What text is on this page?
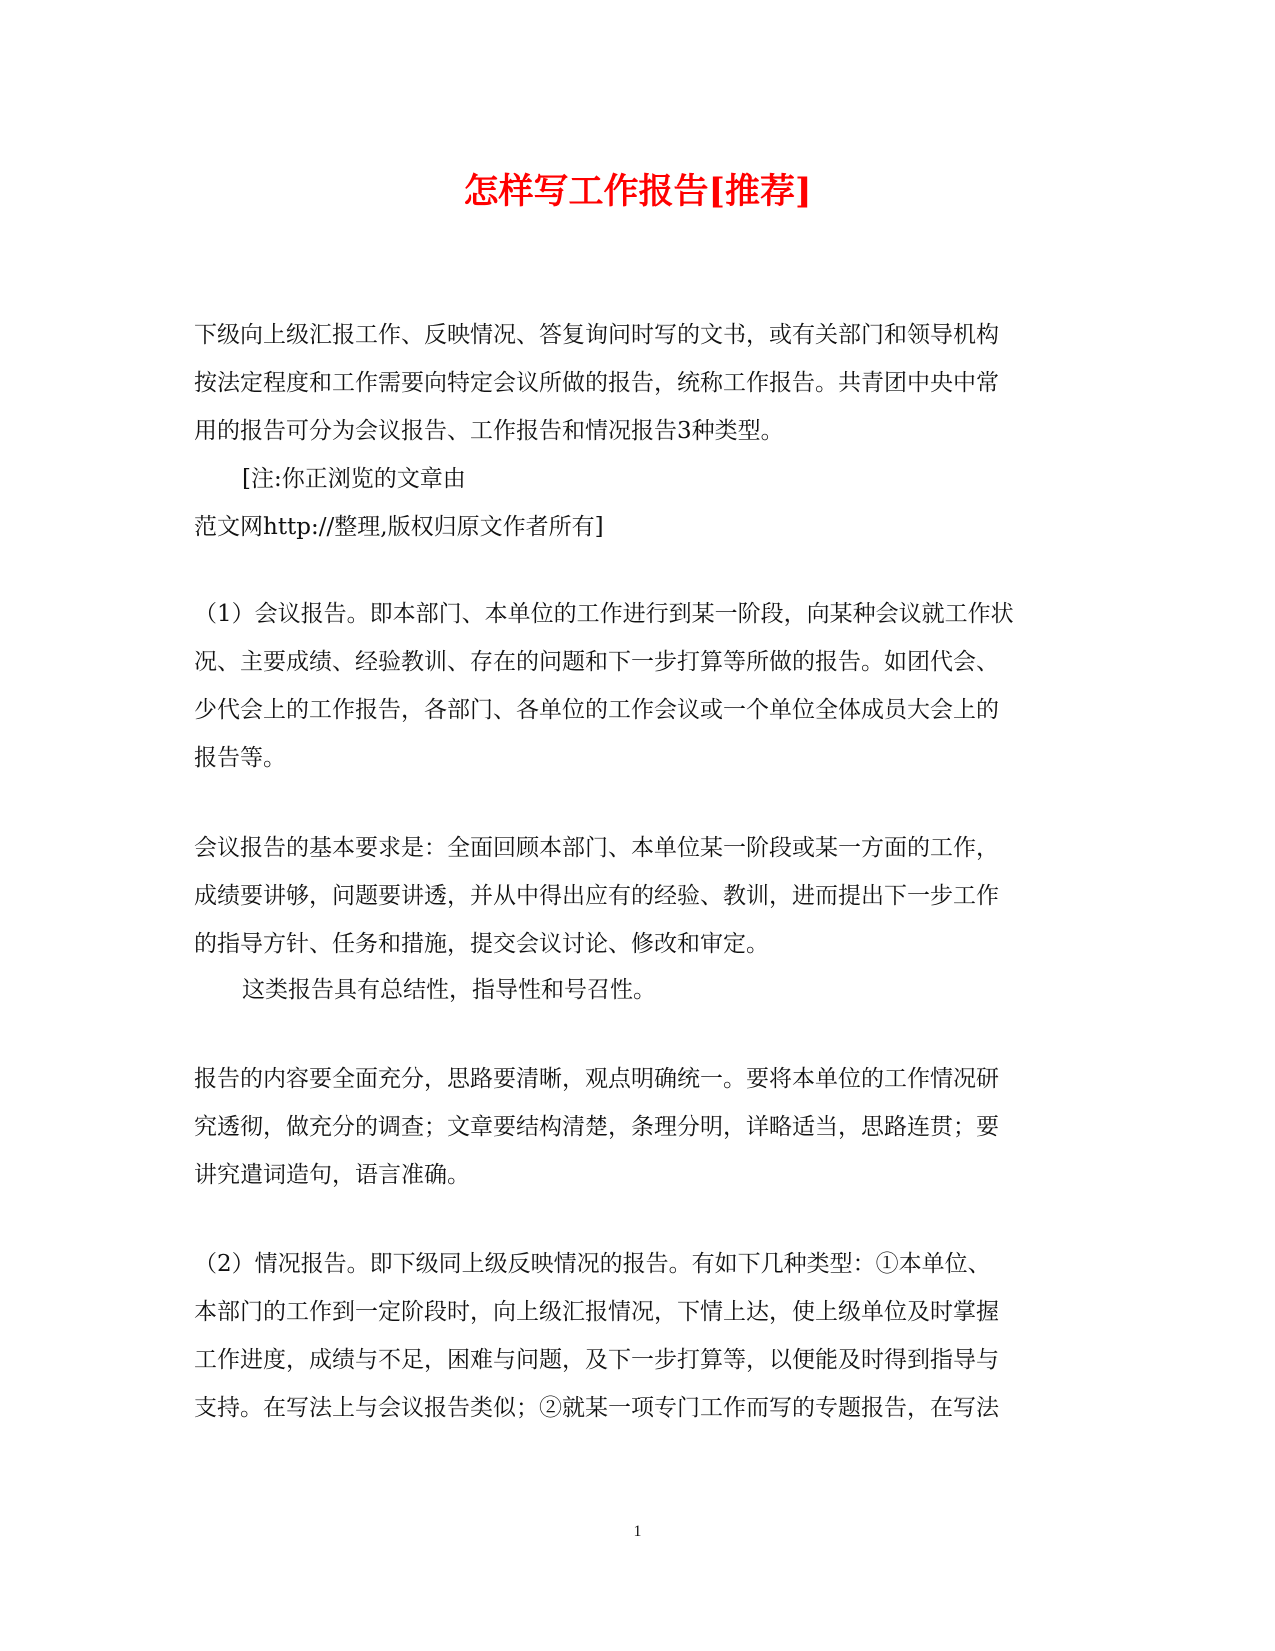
怎样写工作报告[推荐]
下级向上级汇报工作、反映情况、答复询问时写的文书，或有关部门和领导机构
按法定程度和工作需要向特定会议所做的报告，统称工作报告。共青团中央中常
用的报告可分为会议报告、工作报告和情况报告3种类型。
[注:你正浏览的文章由
范文网http://整理,版权归原文作者所有]
（1）会议报告。即本部门、本单位的工作进行到某一阶段，向某种会议就工作状
况、主要成绩、经验教训、存在的问题和下一步打算等所做的报告。如团代会、
少代会上的工作报告，各部门、各单位的工作会议或一个单位全体成员大会上的
报告等。
会议报告的基本要求是：全面回顾本部门、本单位某一阶段或某一方面的工作，
成绩要讲够，问题要讲透，并从中得出应有的经验、教训，进而提出下一步工作
的指导方针、任务和措施，提交会议讨论、修改和审定。
这类报告具有总结性，指导性和号召性。
报告的内容要全面充分，思路要清晰，观点明确统一。要将本单位的工作情况研
究透彻，做充分的调查；文章要结构清楚，条理分明，详略适当，思路连贯；要
讲究遣词造句，语言准确。
（2）情况报告。即下级同上级反映情况的报告。有如下几种类型：①本单位、
本部门的工作到一定阶段时，向上级汇报情况，下情上达，使上级单位及时掌握
工作进度，成绩与不足，困难与问题，及下一步打算等，以便能及时得到指导与
支持。在写法上与会议报告类似；②就某一项专门工作而写的专题报告，在写法
1
